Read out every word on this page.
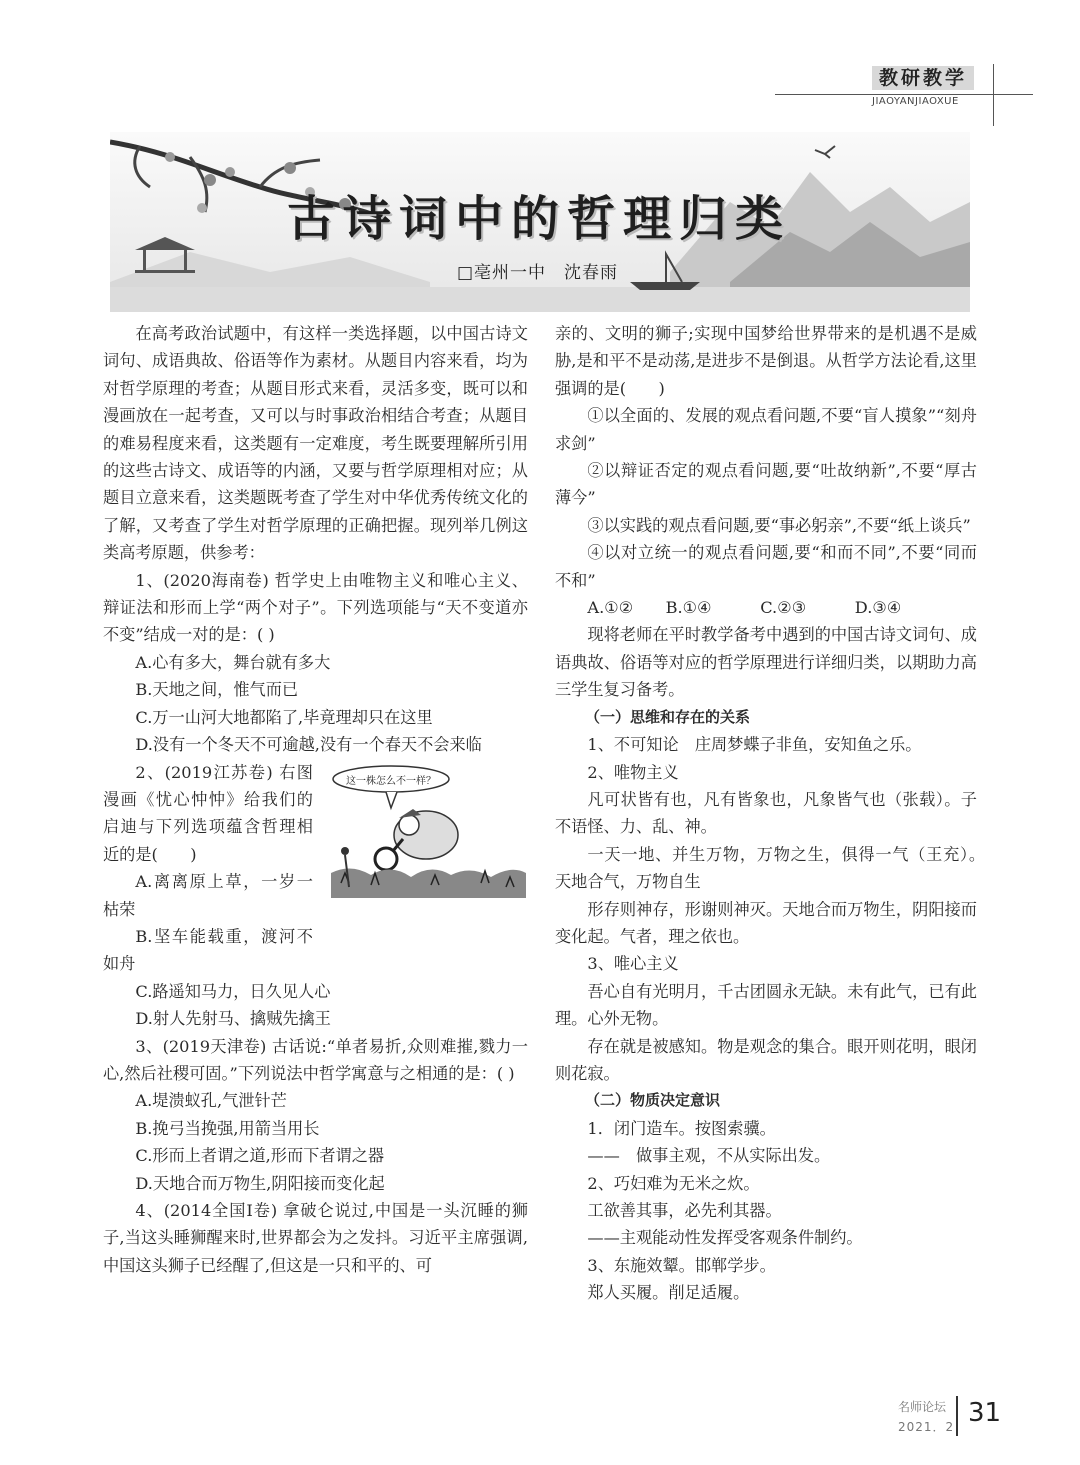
教研教学
JIAOYANJIAOXUE
古诗词中的哲理归类
□亳州一中　沈春雨

在高考政治试题中，有这样一类选择题，以中国古诗文词句、成语典故、俗语等作为素材。从题目内容来看，均为对哲学原理的考查；从题目形式来看，灵活多变，既可以和漫画放在一起考查，又可以与时事政治相结合考查；从题目的难易程度来看，这类题有一定难度，考生既要理解所引用的这些古诗文、成语等的内涵，又要与哲学原理相对应；从题目立意来看，这类题既考查了学生对中华优秀传统文化的了解，又考查了学生对哲学原理的正确把握。现列举几例这类高考原题，供参考：

1、(2020海南卷) 哲学史上由唯物主义和唯心主义、辩证法和形而上学“两个对子”。下列选项能与“天不变道亦不变”结成一对的是：( )

A.心有多大，舞台就有多大

B.天地之间，惟气而已

C.万一山河大地都陷了,毕竟理却只在这里

D.没有一个冬天不可逾越,没有一个春天不会来临

2、(2019江苏卷) 右图漫画《忧心忡忡》给我们的启迪与下列选项蕴含哲理相近的是(　　)

A.离离原上草，一岁一枯荣

B.坚车能载重，渡河不如舟

这一株怎么不一样？

C.路遥知马力，日久见人心

D.射人先射马、擒贼先擒王

3、(2019天津卷) 古话说:“单者易折,众则难摧,戮力一心,然后社稷可固。”下列说法中哲学寓意与之相通的是：( )

A.堤溃蚁孔,气泄针芒

B.挽弓当挽强,用箭当用长

C.形而上者谓之道,形而下者谓之器

D.天地合而万物生,阴阳接而变化起

4、(2014全国Ⅰ卷) 拿破仑说过,中国是一头沉睡的狮子,当这头睡狮醒来时,世界都会为之发抖。习近平主席强调,中国这头狮子已经醒了,但这是一只和平的、可

亲的、文明的狮子;实现中国梦给世界带来的是机遇不是威胁,是和平不是动荡,是进步不是倒退。从哲学方法论看,这里强调的是(　　)

①以全面的、发展的观点看问题,不要“盲人摸象”“刻舟求剑”

②以辩证否定的观点看问题,要“吐故纳新”,不要“厚古薄今”

③以实践的观点看问题,要“事必躬亲”,不要“纸上谈兵”

④以对立统一的观点看问题,要“和而不同”,不要“同而不和”

A.①②　　B.①④　　　C.②③　　　D.③④

现将老师在平时教学备考中遇到的中国古诗文词句、成语典故、俗语等对应的哲学原理进行详细归类，以期助力高三学生复习备考。

（一）思维和存在的关系

1、不可知论　庄周梦蝶子非鱼，安知鱼之乐。

2、唯物主义

凡可状皆有也，凡有皆象也，凡象皆气也（张载）。子不语怪、力、乱、神。

一天一地、并生万物，万物之生，俱得一气（王充）。　天地合气，万物自生

形存则神存，形谢则神灭。天地合而万物生，阴阳接而变化起。气者，理之依也。

3、唯心主义

吾心自有光明月，千古团圆永无缺。未有此气，已有此理。心外无物。

存在就是被感知。物是观念的集合。眼开则花明，眼闭则花寂。

（二）物质决定意识

1．闭门造车。按图索骥。

——　做事主观，不从实际出发。

2、巧妇难为无米之炊。

工欲善其事，必先利其器。

——主观能动性发挥受客观条件制约。

3、东施效颦。邯郸学步。

郑人买履。削足适履。

名师论坛
2021．2 31
